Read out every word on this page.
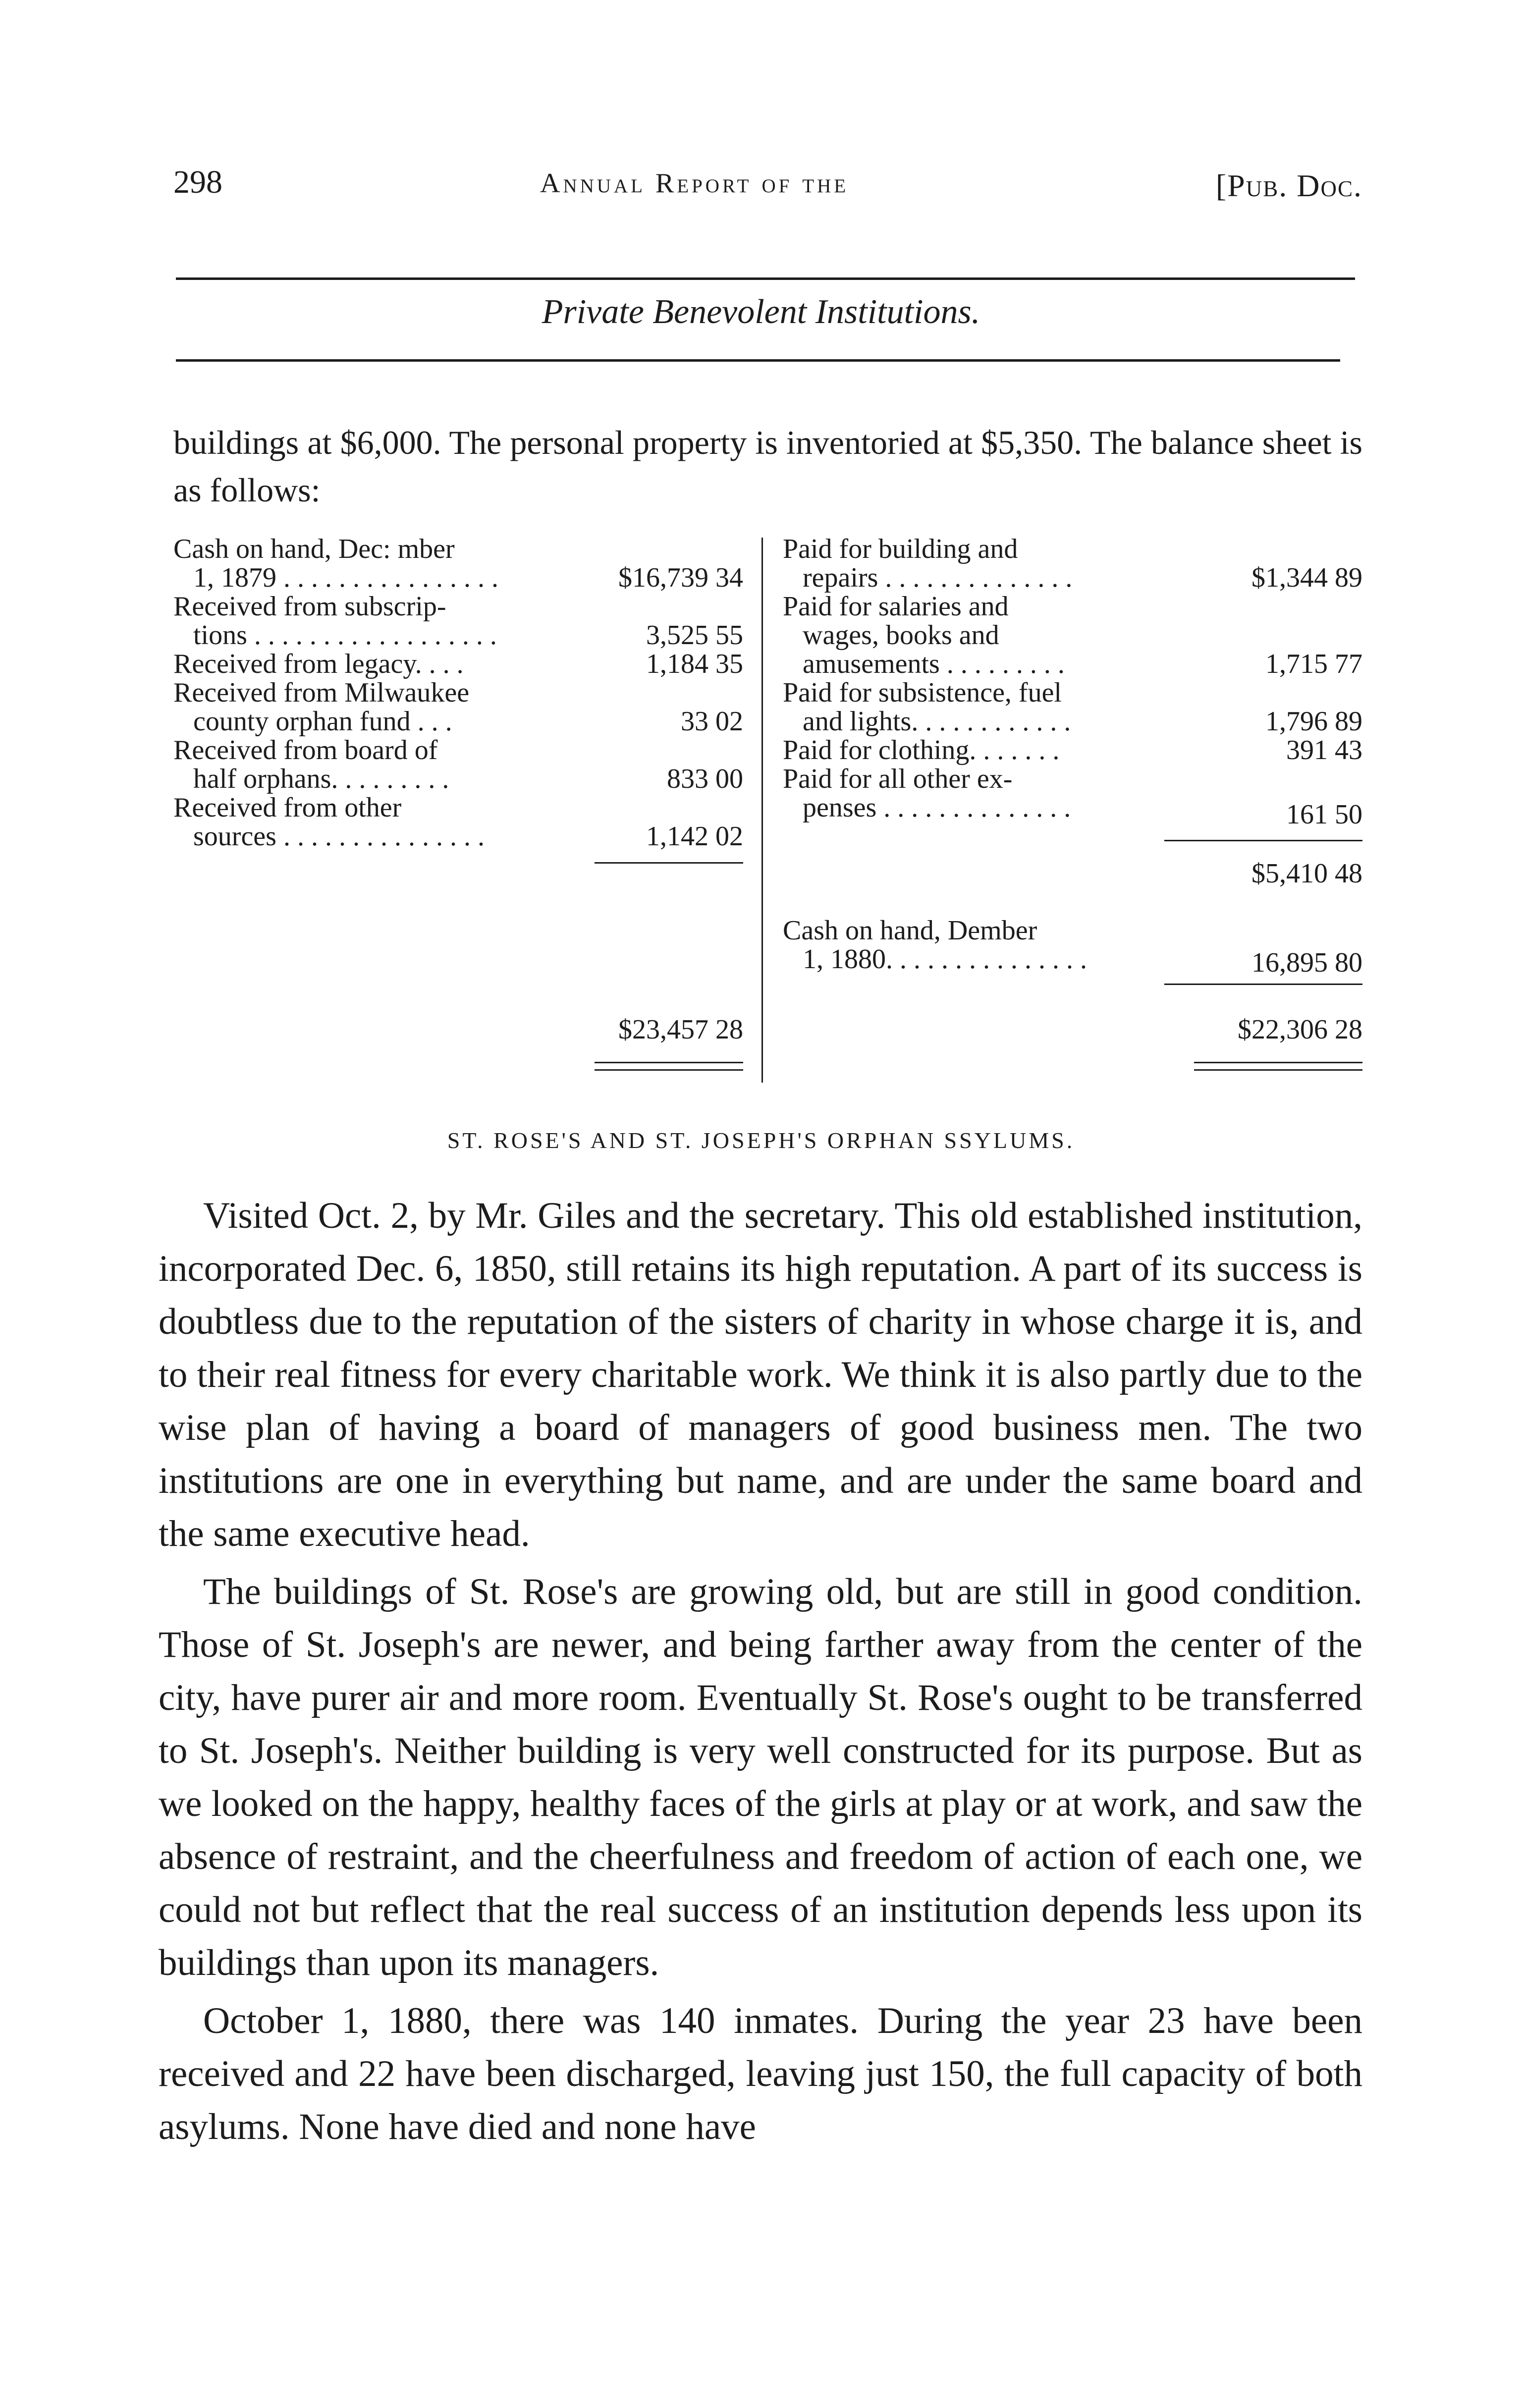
298	Annual Report of the	[Pub. Doc.
Private Benevolent Institutions.
buildings at $6,000. The personal property is inventoried at $5,350. The balance sheet is as follows:
Cash on hand, Dec: mber
1, 1879 . . . . . . . . . . . . . . . .	$16,739 34
Received from subscrip-
tions . . . . . . . . . . . . . . . . . .	3,525 55
Received from legacy. . . .	1,184 35
Received from Milwaukee
county orphan fund . . .	33 02
Received from board of
half orphans. . . . . . . . .	833 00
Received from other
sources . . . . . . . . . . . . . . .	1,142 02
$23,457 28
Paid for building and
repairs . . . . . . . . . . . . . .	$1,344 89
Paid for salaries and
wages, books and
amusements . . . . . . . . .	1,715 77
Paid for subsistence, fuel
and lights. . . . . . . . . . . .	1,796 89
Paid for clothing. . . . . . .	391 43
Paid for all other ex-
penses . . . . . . . . . . . . . .	161 50
$5,410 48
Cash on hand, Dember
1, 1880. . . . . . . . . . . . . . .	16,895 80
$22,306 28
ST. ROSE'S AND ST. JOSEPH'S ORPHAN SSYLUMS.

Visited Oct. 2, by Mr. Giles and the secretary. This old established institution, incorporated Dec. 6, 1850, still retains its high reputation. A part of its success is doubtless due to the reputation of the sisters of charity in whose charge it is, and to their real fitness for every charitable work. We think it is also partly due to the wise plan of having a board of managers of good business men. The two institutions are one in everything but name, and are under the same board and the same executive head.

The buildings of St. Rose's are growing old, but are still in good condition. Those of St. Joseph's are newer, and being farther away from the center of the city, have purer air and more room. Eventually St. Rose's ought to be transferred to St. Joseph's. Neither building is very well constructed for its purpose. But as we looked on the happy, healthy faces of the girls at play or at work, and saw the absence of restraint, and the cheerfulness and freedom of action of each one, we could not but reflect that the real success of an institution depends less upon its buildings than upon its managers.

October 1, 1880, there was 140 inmates. During the year 23 have been received and 22 have been discharged, leaving just 150, the full capacity of both asylums. None have died and none have
